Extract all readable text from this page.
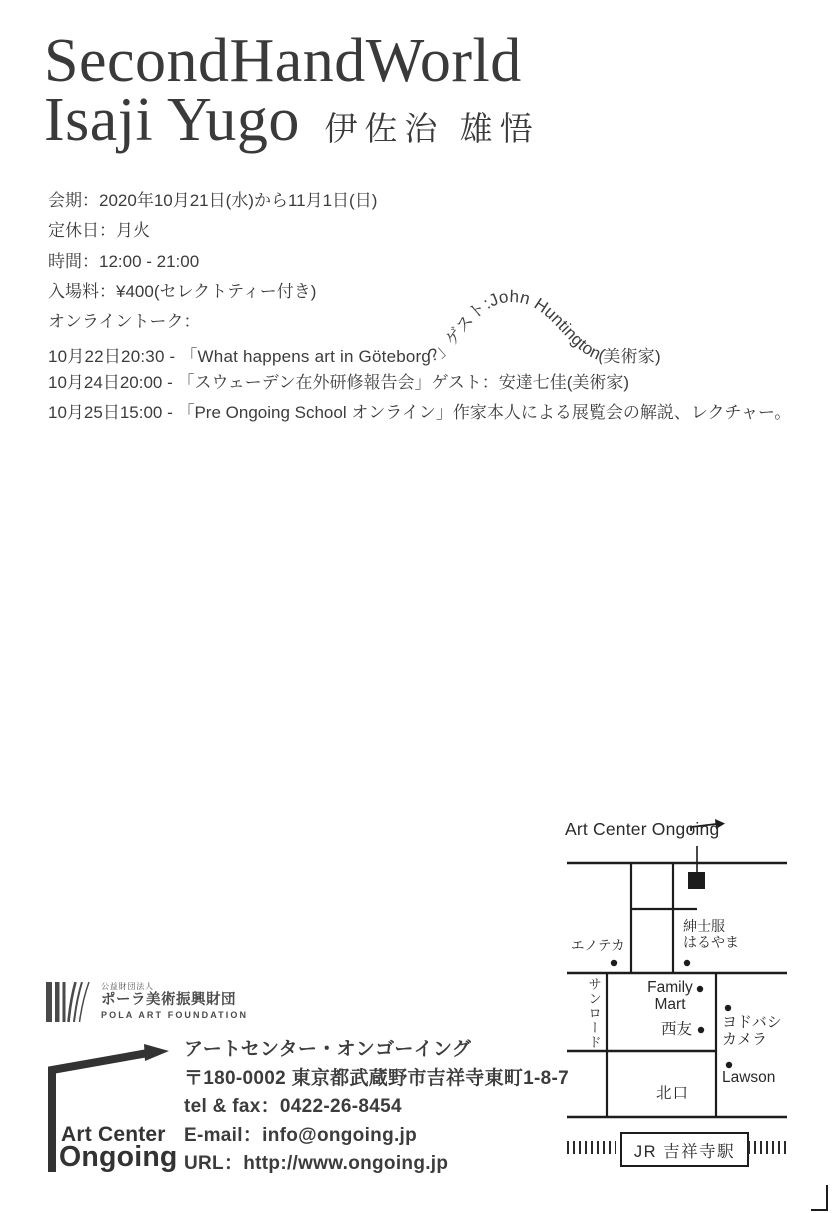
SecondHandWorld
Isaji Yugo 伊佐治 雄悟
会期：2020年10月21日(水)から11月1日(日)
定休日：月火
時間：12:00 - 21:00
入場料：¥400(セレクトティー付き)
オンライントーク：
10月22日20:30 - 「What happens art in Göteborg?」ゲスト:John Huntington(美術家)
10月24日20:00 - 「スウェーデン在外研修報告会」ゲスト：安達七佳(美術家)
10月25日15:00 - 「Pre Ongoing School オンライン」作家本人による展覧会の解説、レクチャー。
公益財団法人
ポーラ美術振興財団
POLA ART FOUNDATION
Art Center
Ongoing
アートセンター・オンゴーイング
〒180-0002 東京都武蔵野市吉祥寺東町1-8-7
tel & fax：0422-26-8454
E-mail：info@ongoing.jp
URL：http://www.ongoing.jp
Art Center Ongoing
エノテカ
紳士服
はるやま
サンロード	Family
Mart
西友 ヨドバシ
カメラ
Lawson
北口
JR 吉祥寺駅
